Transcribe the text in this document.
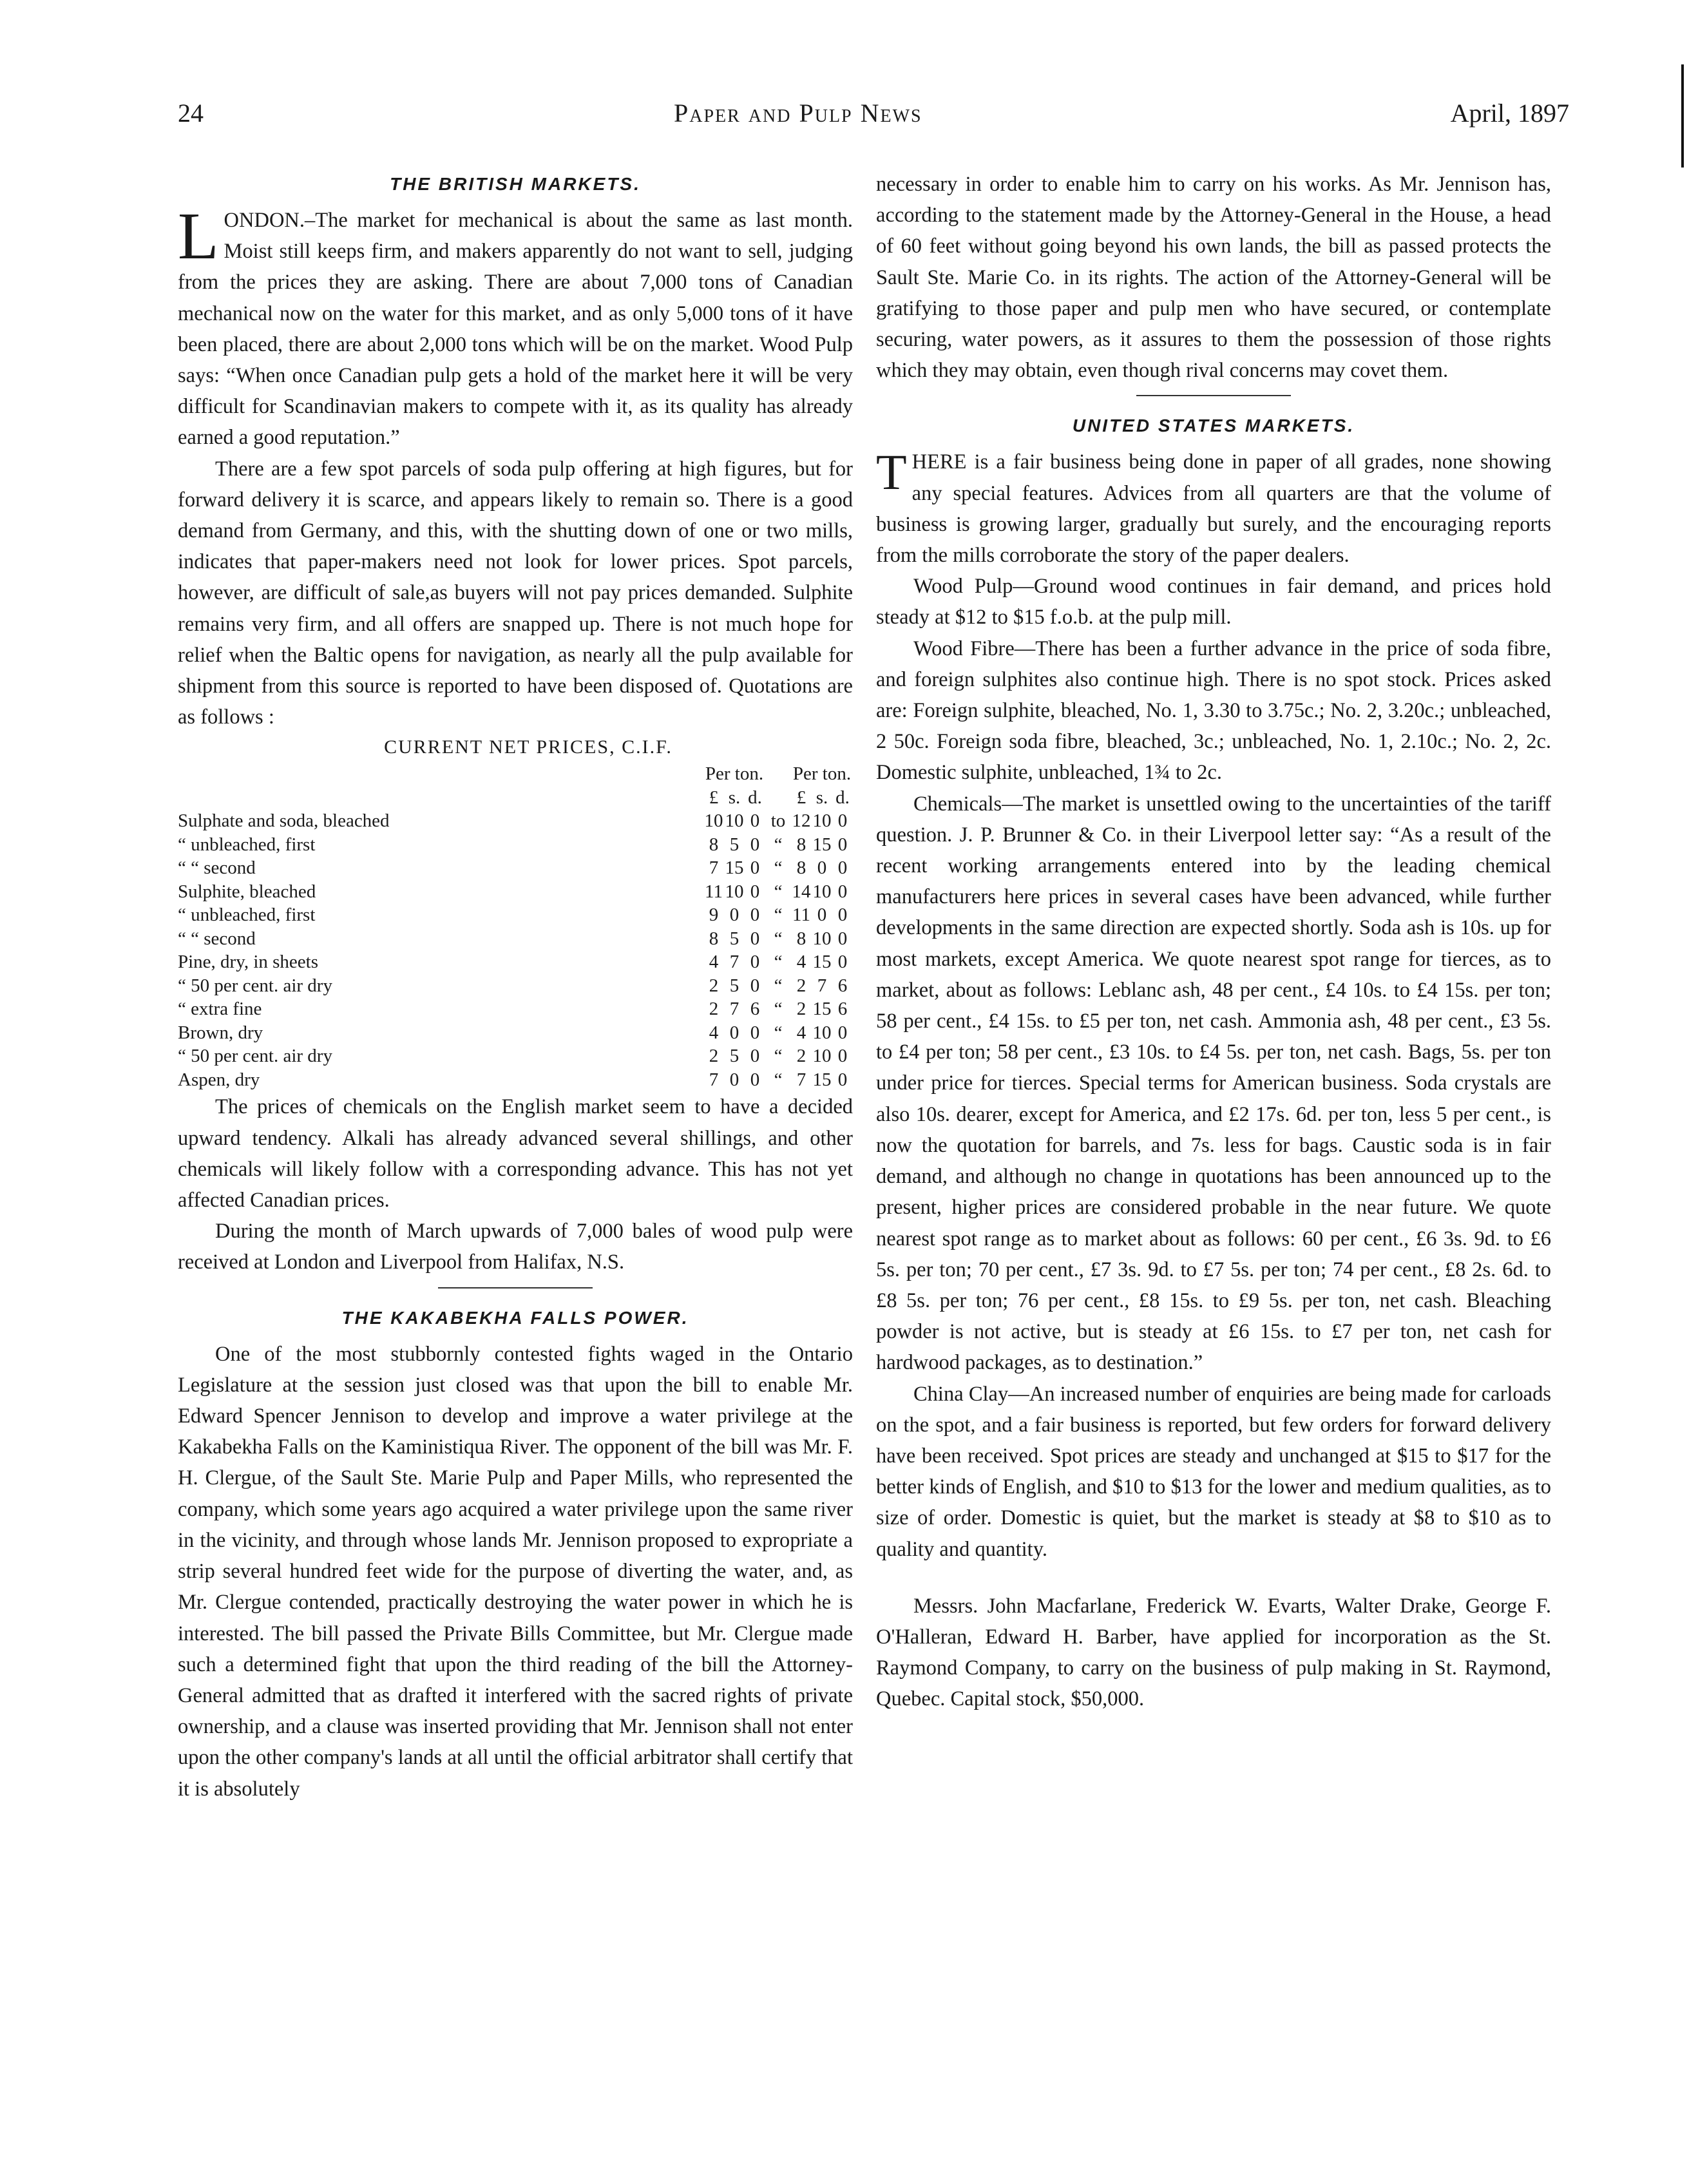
24	Paper and Pulp News	April, 1897
THE BRITISH MARKETS.

LONDON.–The market for mechanical is about the same as last month. Moist still keeps firm, and makers apparently do not want to sell, judging from the prices they are asking. There are about 7,000 tons of Canadian mechanical now on the water for this market, and as only 5,000 tons of it have been placed, there are about 2,000 tons which will be on the market. Wood Pulp says: “When once Canadian pulp gets a hold of the market here it will be very difficult for Scandinavian makers to compete with it, as its quality has already earned a good reputation.”

There are a few spot parcels of soda pulp offering at high figures, but for forward delivery it is scarce, and appears likely to remain so. There is a good demand from Germany, and this, with the shutting down of one or two mills, indicates that paper-makers need not look for lower prices. Spot parcels, however, are difficult of sale,as buyers will not pay prices demanded. Sulphite remains very firm, and all offers are snapped up. There is not much hope for relief when the Baltic opens for navigation, as nearly all the pulp available for shipment from this source is reported to have been disposed of. Quotations are as follows :

CURRENT NET PRICES, C.I.F.
	Per ton.				Per ton.		
	£	s.	d.		£	s.	d.
Sulphate and soda, bleached	10	10	0	to	12	10	0
“ unbleached, first	8	5	0	“	8	15	0
“ “ second	7	15	0	“	8	0	0
Sulphite, bleached	11	10	0	“	14	10	0
“ unbleached, first	9	0	0	“	11	0	0
“ “ second	8	5	0	“	8	10	0
Pine, dry, in sheets	4	7	0	“	4	15	0
“ 50 per cent. air dry	2	5	0	“	2	7	6
“ extra fine	2	7	6	“	2	15	6
Brown, dry	4	0	0	“	4	10	0
“ 50 per cent. air dry	2	5	0	“	2	10	0
Aspen, dry	7	0	0	“	7	15	0

The prices of chemicals on the English market seem to have a decided upward tendency. Alkali has already advanced several shillings, and other chemicals will likely follow with a corresponding advance. This has not yet affected Canadian prices.

During the month of March upwards of 7,000 bales of wood pulp were received at London and Liverpool from Halifax, N.S.

THE KAKABEKHA FALLS POWER.

One of the most stubbornly contested fights waged in the Ontario Legislature at the session just closed was that upon the bill to enable Mr. Edward Spencer Jennison to develop and improve a water privilege at the Kakabekha Falls on the Kaministiqua River. The opponent of the bill was Mr. F. H. Clergue, of the Sault Ste. Marie Pulp and Paper Mills, who represented the company, which some years ago acquired a water privilege upon the same river in the vicinity, and through whose lands Mr. Jennison proposed to expropriate a strip several hundred feet wide for the purpose of diverting the water, and, as Mr. Clergue contended, practically destroying the water power in which he is interested. The bill passed the Private Bills Committee, but Mr. Clergue made such a determined fight that upon the third reading of the bill the Attorney-General admitted that as drafted it interfered with the sacred rights of private ownership, and a clause was inserted providing that Mr. Jennison shall not enter upon the other company's lands at all until the official arbitrator shall certify that it is absolutely

necessary in order to enable him to carry on his works. As Mr. Jennison has, according to the statement made by the Attorney-General in the House, a head of 60 feet without going beyond his own lands, the bill as passed protects the Sault Ste. Marie Co. in its rights. The action of the Attorney-General will be gratifying to those paper and pulp men who have secured, or contemplate securing, water powers, as it assures to them the possession of those rights which they may obtain, even though rival concerns may covet them.

UNITED STATES MARKETS.

THERE is a fair business being done in paper of all grades, none showing any special features. Advices from all quarters are that the volume of business is growing larger, gradually but surely, and the encouraging reports from the mills corroborate the story of the paper dealers.

Wood Pulp—Ground wood continues in fair demand, and prices hold steady at $12 to $15 f.o.b. at the pulp mill.

Wood Fibre—There has been a further advance in the price of soda fibre, and foreign sulphites also continue high. There is no spot stock. Prices asked are: Foreign sulphite, bleached, No. 1, 3.30 to 3.75c.; No. 2, 3.20c.; unbleached, 2 50c. Foreign soda fibre, bleached, 3c.; unbleached, No. 1, 2.10c.; No. 2, 2c. Domestic sulphite, unbleached, 1¾ to 2c.

Chemicals—The market is unsettled owing to the uncertainties of the tariff question. J. P. Brunner & Co. in their Liverpool letter say: “As a result of the recent working arrangements entered into by the leading chemical manufacturers here prices in several cases have been advanced, while further developments in the same direction are expected shortly. Soda ash is 10s. up for most markets, except America. We quote nearest spot range for tierces, as to market, about as follows: Leblanc ash, 48 per cent., £4 10s. to £4 15s. per ton; 58 per cent., £4 15s. to £5 per ton, net cash. Ammonia ash, 48 per cent., £3 5s. to £4 per ton; 58 per cent., £3 10s. to £4 5s. per ton, net cash. Bags, 5s. per ton under price for tierces. Special terms for American business. Soda crystals are also 10s. dearer, except for America, and £2 17s. 6d. per ton, less 5 per cent., is now the quotation for barrels, and 7s. less for bags. Caustic soda is in fair demand, and although no change in quotations has been announced up to the present, higher prices are considered probable in the near future. We quote nearest spot range as to market about as follows: 60 per cent., £6 3s. 9d. to £6 5s. per ton; 70 per cent., £7 3s. 9d. to £7 5s. per ton; 74 per cent., £8 2s. 6d. to £8 5s. per ton; 76 per cent., £8 15s. to £9 5s. per ton, net cash. Bleaching powder is not active, but is steady at £6 15s. to £7 per ton, net cash for hardwood packages, as to destination.”

China Clay—An increased number of enquiries are being made for carloads on the spot, and a fair business is reported, but few orders for forward delivery have been received. Spot prices are steady and unchanged at $15 to $17 for the better kinds of English, and $10 to $13 for the lower and medium qualities, as to size of order. Domestic is quiet, but the market is steady at $8 to $10 as to quality and quantity.

Messrs. John Macfarlane, Frederick W. Evarts, Walter Drake, George F. O'Halleran, Edward H. Barber, have applied for incorporation as the St. Raymond Company, to carry on the business of pulp making in St. Raymond, Quebec. Capital stock, $50,000.
